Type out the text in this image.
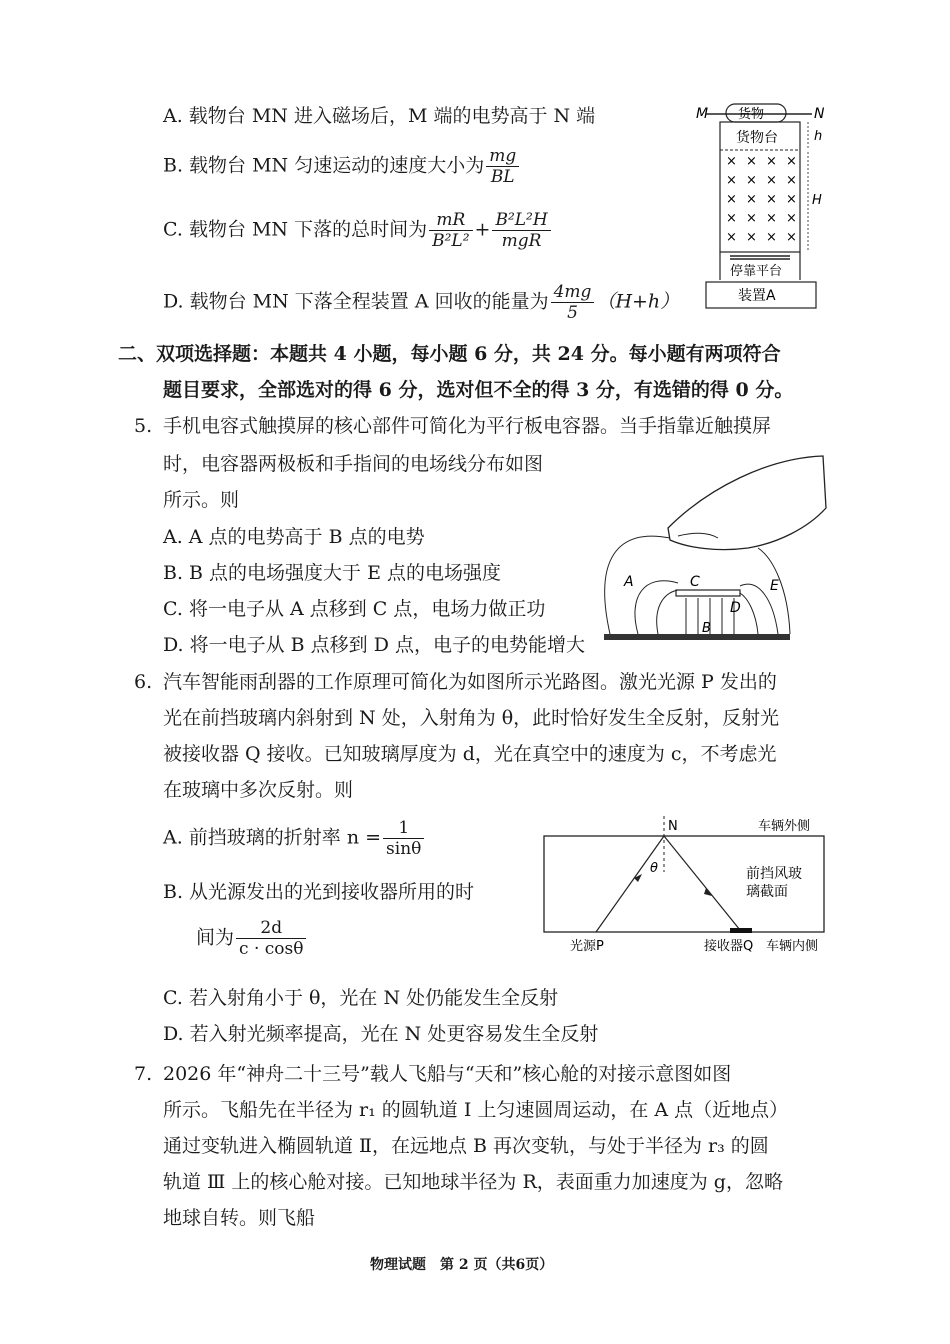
A. 载物台 MN 进入磁场后，M 端的电势高于 N 端
B. 载物台 MN 匀速运动的速度大小为 $\frac{mg}{BL}$
C. 载物台 MN 下落的总时间为 $\frac{mR}{\text{B²L²}} + \frac{\text{B²L²H}}{\text{mgR}}$
D. 载物台 MN 下落全程装置 A 回收的能量为 $\frac{4mg}{5} (H+h)$
M	N
货物
货物台
× × × ×
× × × ×
× × × ×
× × × ×
× × × ×
h
H
停靠平台
装置A
二、双项选择题：本题共 4 小题，每小题 6 分，共 24 分。每小题有两项符合
题目要求，全部选对的得 6 分，选对但不全的得 3 分，有选错的得 0 分。
5. 手机电容式触摸屏的核心部件可简化为平行板电容器。当手指靠近触摸屏
时，电容器两极板和手指间的电场线分布如图
所示。则
A. A 点的电势高于 B 点的电势
B. B 点的电场强度大于 E 点的电场强度
C. 将一电子从 A 点移到 C 点，电场力做正功
D. 将一电子从 B 点移到 D 点，电子的电势能增大
A	C
D
B
E
6. 汽车智能雨刮器的工作原理可简化为如图所示光路图。激光光源 P 发出的
光在前挡玻璃内斜射到 N 处，入射角为 θ，此时恰好发生全反射，反射光
被接收器 Q 接收。已知玻璃厚度为 d，光在真空中的速度为 c，不考虑光
在玻璃中多次反射。则
A. 前挡玻璃的折射率 $n = \frac{1}{\sin\theta}$
B. 从光源发出的光到接收器所用的时
间为 $\frac{2d}{c \cdot \cos\theta}$
C. 若入射角小于 θ，光在 N 处仍能发生全反射
D. 若入射光频率提高，光在 N 处更容易发生全反射
N	车辆外侧
θ	前挡风玻
璃截面
光源P	接收器Q 车辆内侧
7. 2026 年“神舟二十三号”载人飞船与“天和”核心舱的对接示意图如图
所示。飞船先在半径为 r₁ 的圆轨道 Ⅰ 上匀速圆周运动，在 A 点（近地点）
通过变轨进入椭圆轨道 Ⅱ，在远地点 B 再次变轨，与处于半径为 r₃ 的圆
轨道 Ⅲ 上的核心舱对接。已知地球半径为 R，表面重力加速度为 g，忽略
地球自转。则飞船
物理试题　第 2 页（共6页）
